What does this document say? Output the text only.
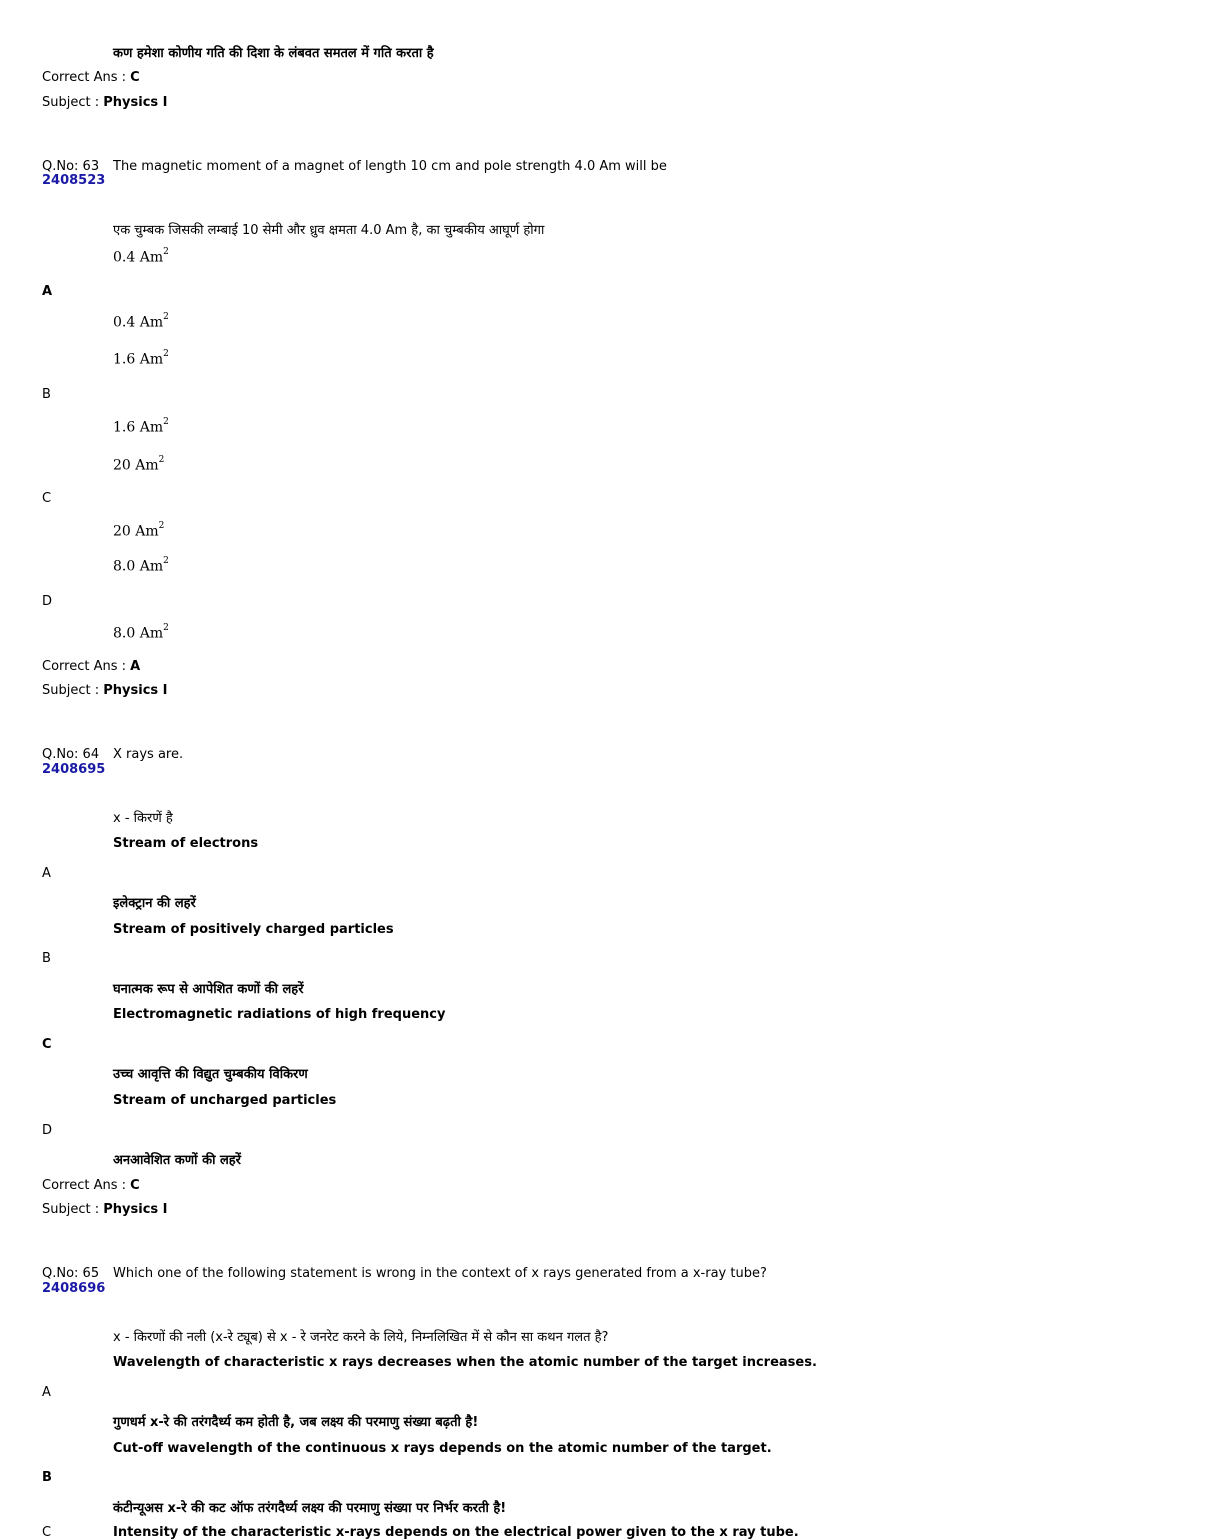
कण हमेशा कोणीय गति की दिशा के लंबवत समतल में गति करता है
Correct Ans : C
Subject : Physics I
Q.No: 63 The magnetic moment of a magnet of length 10 cm and pole strength 4.0 Am will be
2408523
एक चुम्बक जिसकी लम्बाई 10 सेमी और ध्रुव क्षमता 4.0 Am है, का चुम्बकीय आघूर्ण होगा
0.4 Am$^2$
A
0.4 Am$^2$
1.6 Am$^2$
B
1.6 Am$^2$
20 Am$^2$
C
20 Am$^2$
8.0 Am$^2$
D
8.0 Am$^2$
Correct Ans : A
Subject : Physics I
Q.No: 64 X rays are.
2408695
x - किरणें है
Stream of electrons
A
इलेक्ट्रान की लहरें
Stream of positively charged particles
B
घनात्मक रूप से आपेशित कणों की लहरें
Electromagnetic radiations of high frequency
C
उच्च आवृत्ति की विद्युत चुम्बकीय विकिरण
Stream of uncharged particles
D
अनआवेशित कणों की लहरें
Correct Ans : C
Subject : Physics I
Q.No: 65 Which one of the following statement is wrong in the context of x rays generated from a x-ray tube?
2408696
x - किरणों की नली (x-रे ट्यूब) से x - रे जनरेट करने के लिये, निम्नलिखित में से कौन सा कथन गलत है?
Wavelength of characteristic x rays decreases when the atomic number of the target increases.
A
गुणधर्म x-रे की तरंगदैर्ध्य कम होती है, जब लक्ष्य की परमाणु संख्या बढ़ती है!
Cut-off wavelength of the continuous x rays depends on the atomic number of the target.
B
कंटीन्यूअस x-रे की कट ऑफ तरंगदैर्ध्य लक्ष्य की परमाणु संख्या पर निर्भर करती है!
C	Intensity of the characteristic x-rays depends on the electrical power given to the x ray tube.
